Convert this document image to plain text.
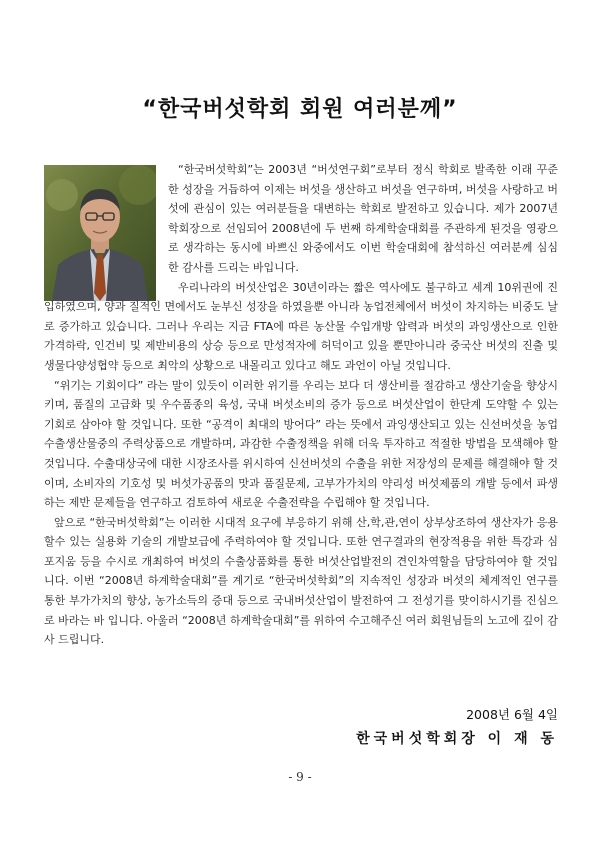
“한국버섯학회 회원 여러분께”

“한국버섯학회”는 2003년 “버섯연구회”로부터 정식 학회로 발족한 이래 꾸준한 성장을 거듭하여 이제는 버섯을 생산하고 버섯을 연구하며, 버섯을 사랑하고 버섯에 관심이 있는 여러분들을 대변하는 학회로 발전하고 있습니다. 제가 2007년 학회장으로 선임되어 2008년에 두 번째 하계학술대회를 주관하게 된것을 영광으로 생각하는 동시에 바쁘신 와중에서도 이번 학술대회에 참석하신 여러분께 심심한 감사를 드리는 바입니다.

우리나라의 버섯산업은 30년이라는 짧은 역사에도 불구하고 세계 10위권에 진입하였으며, 양과 질적인 면에서도 눈부신 성장을 하였을뿐 아니라 농업전체에서 버섯이 차지하는 비중도 날로 증가하고 있습니다. 그러나 우리는 지금 FTA에 따른 농산물 수입개방 압력과 버섯의 과잉생산으로 인한 가격하락, 인건비 및 제반비용의 상승 등으로 만성적자에 허덕이고 있을 뿐만아니라 중국산 버섯의 진출 및 생물다양성협약 등으로 최악의 상황으로 내몰리고 있다고 해도 과언이 아닐 것입니다.

“위기는 기회이다” 라는 말이 있듯이 이러한 위기를 우리는 보다 더 생산비를 절감하고 생산기술을 향상시키며, 품질의 고급화 및 우수품종의 육성, 국내 버섯소비의 증가 등으로 버섯산업이 한단계 도약할 수 있는 기회로 삼아야 할 것입니다. 또한 “공격이 최대의 방어다” 라는 뜻에서 과잉생산되고 있는 신선버섯을 농업수출생산물중의 주력상품으로 개발하며, 과감한 수출정책을 위해 더욱 투자하고 적절한 방법을 모색해야 할 것입니다. 수출대상국에 대한 시장조사를 위시하여 신선버섯의 수출을 위한 저장성의 문제를 해결해야 할 것이며, 소비자의 기호성 및 버섯가공품의 맛과 품질문제, 고부가가치의 약리성 버섯제품의 개발 등에서 파생하는 제반 문제들을 연구하고 검토하여 새로운 수출전략을 수립해야 할 것입니다.

앞으로 “한국버섯학회”는 이러한 시대적 요구에 부응하기 위해 산,학,관,연이 상부상조하여 생산자가 응용할수 있는 실용화 기술의 개발보급에 주력하여야 할 것입니다. 또한 연구결과의 현장적용을 위한 특강과 심포지움 등을 수시로 개최하여 버섯의 수출상품화를 통한 버섯산업발전의 견인차역할을 담당하여야 할 것입니다. 이번 “2008년 하계학술대회”를 계기로 “한국버섯학회”의 지속적인 성장과 버섯의 체계적인 연구를 통한 부가가치의 향상, 농가소득의 증대 등으로 국내버섯산업이 발전하여 그 전성기를 맞이하시기를 진심으로 바라는 바 입니다. 아울러 “2008년 하계학술대회”를 위하여 수고해주신 여러 회원님들의 노고에 깊이 감사 드립니다.

2008년 6월 4일
한국버섯학회장 이 재 동
- 9 -
